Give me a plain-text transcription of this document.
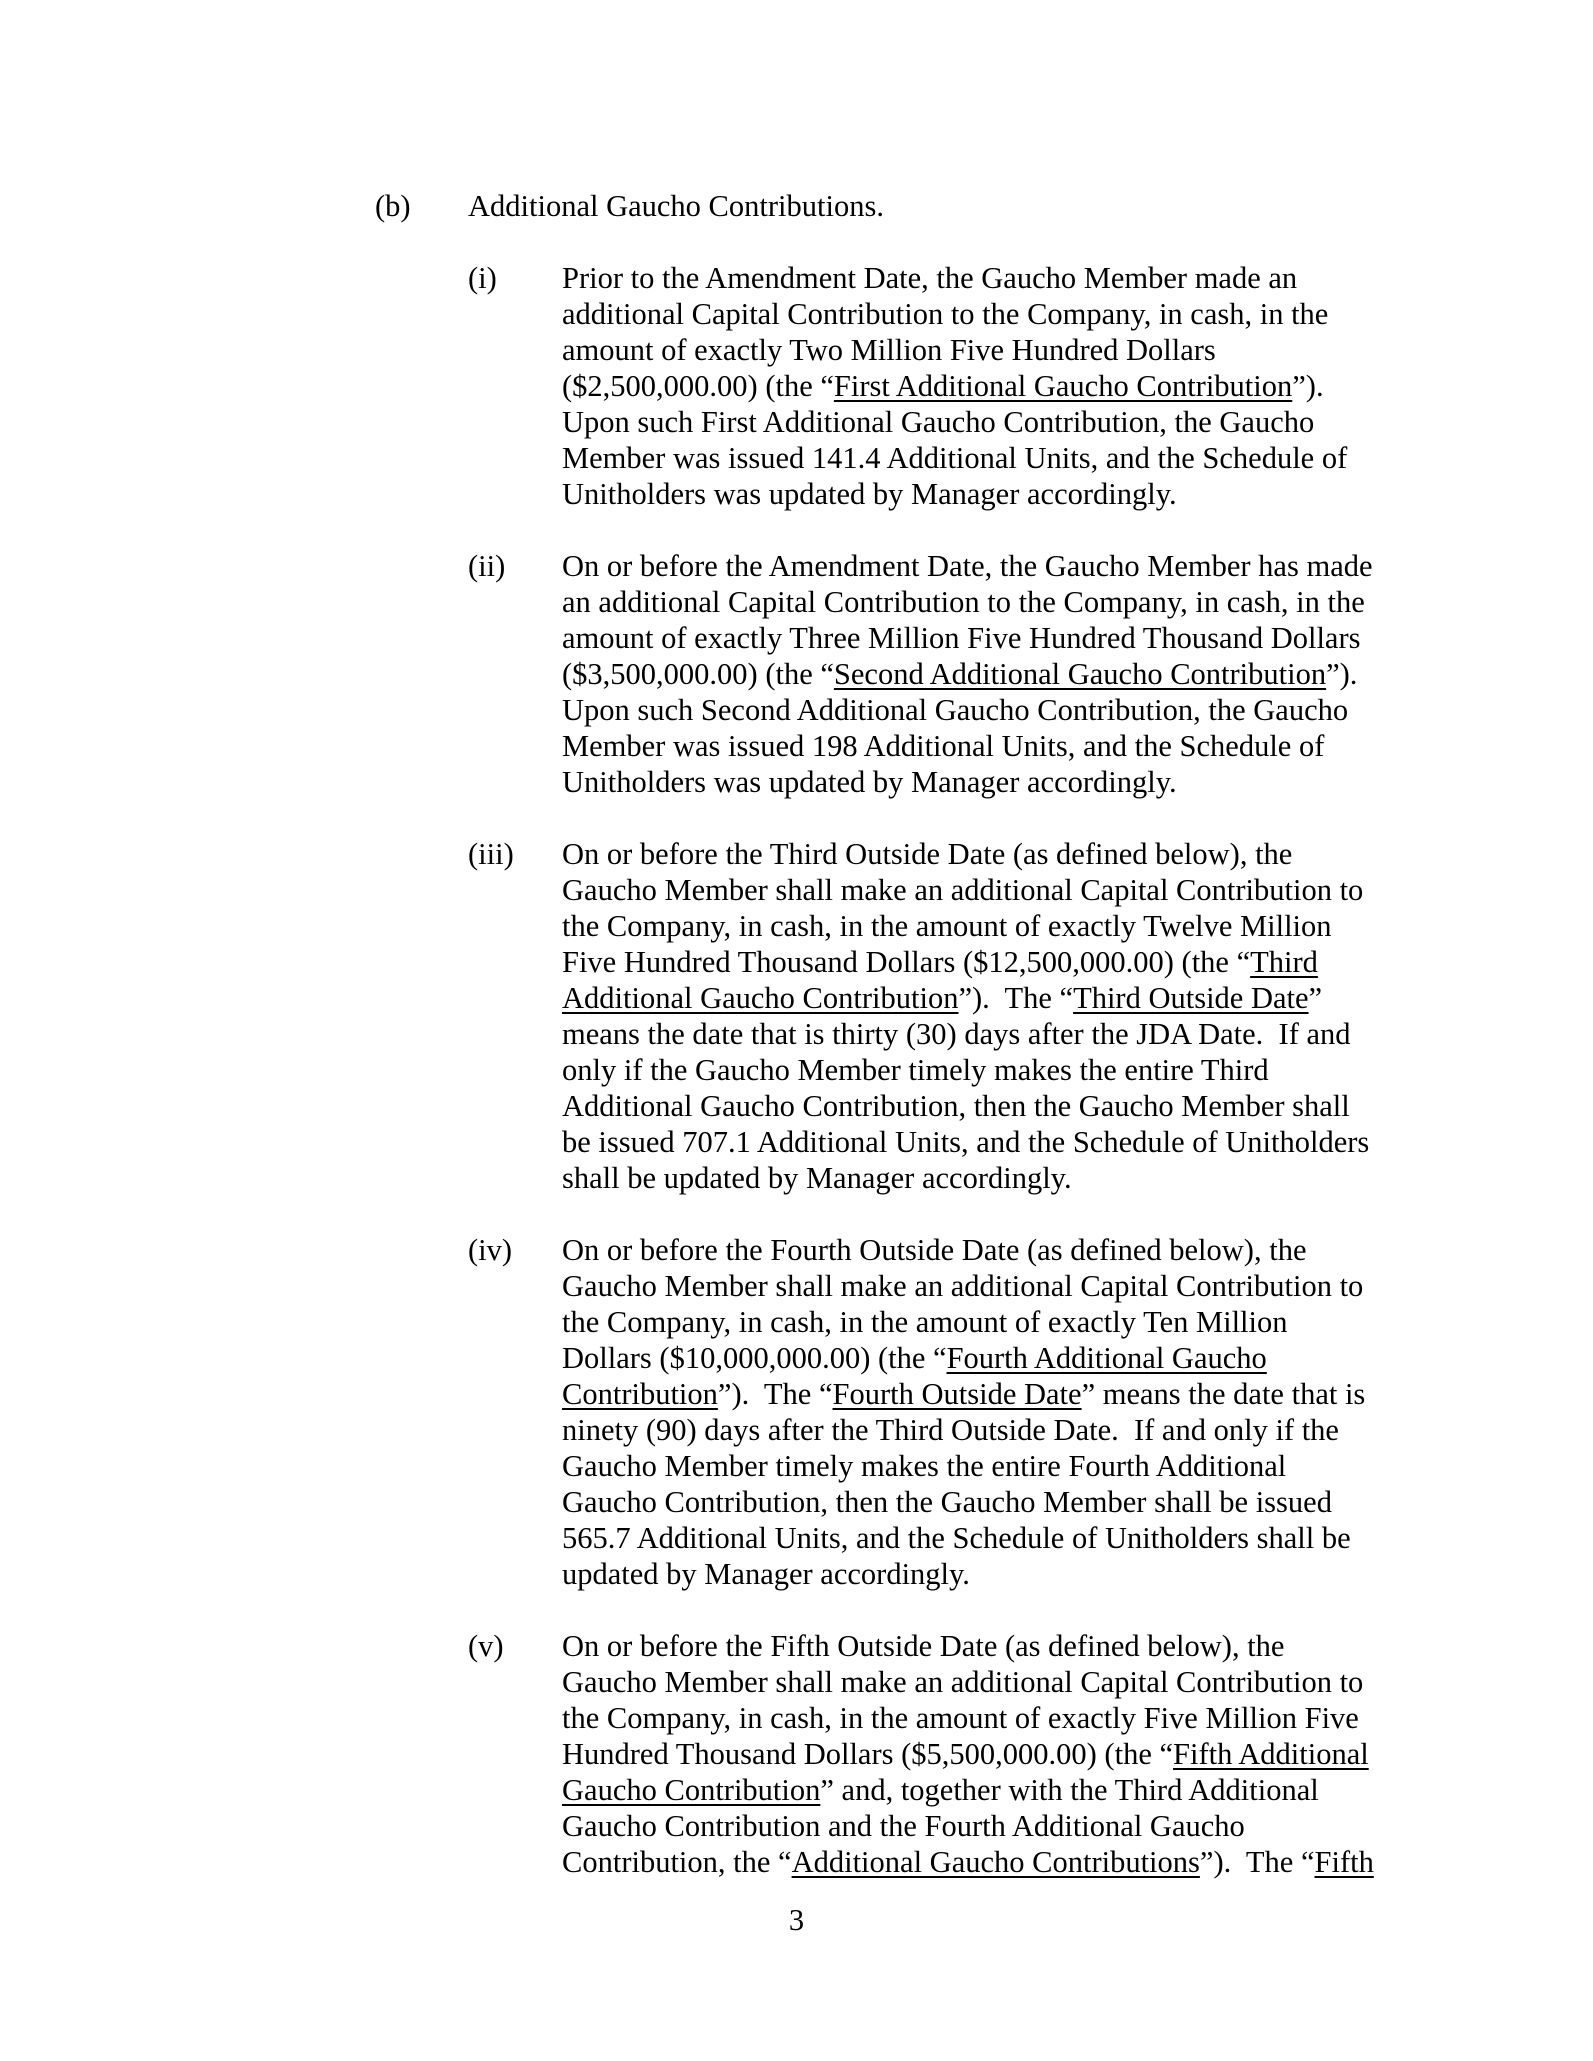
(b)	Additional Gaucho Contributions.
(i)	Prior to the Amendment Date, the Gaucho Member made an
additional Capital Contribution to the Company, in cash, in the
amount of exactly Two Million Five Hundred Dollars
($2,500,000.00) (the “First Additional Gaucho Contribution”).
Upon such First Additional Gaucho Contribution, the Gaucho
Member was issued 141.4 Additional Units, and the Schedule of
Unitholders was updated by Manager accordingly.
(ii)	On or before the Amendment Date, the Gaucho Member has made
an additional Capital Contribution to the Company, in cash, in the
amount of exactly Three Million Five Hundred Thousand Dollars
($3,500,000.00) (the “Second Additional Gaucho Contribution”).
Upon such Second Additional Gaucho Contribution, the Gaucho
Member was issued 198 Additional Units, and the Schedule of
Unitholders was updated by Manager accordingly.
(iii)	On or before the Third Outside Date (as defined below), the
Gaucho Member shall make an additional Capital Contribution to
the Company, in cash, in the amount of exactly Twelve Million
Five Hundred Thousand Dollars ($12,500,000.00) (the “Third
Additional Gaucho Contribution”).  The “Third Outside Date”
means the date that is thirty (30) days after the JDA Date.  If and
only if the Gaucho Member timely makes the entire Third
Additional Gaucho Contribution, then the Gaucho Member shall
be issued 707.1 Additional Units, and the Schedule of Unitholders
shall be updated by Manager accordingly.
(iv)	On or before the Fourth Outside Date (as defined below), the
Gaucho Member shall make an additional Capital Contribution to
the Company, in cash, in the amount of exactly Ten Million
Dollars ($10,000,000.00) (the “Fourth Additional Gaucho
Contribution”).  The “Fourth Outside Date” means the date that is
ninety (90) days after the Third Outside Date.  If and only if the
Gaucho Member timely makes the entire Fourth Additional
Gaucho Contribution, then the Gaucho Member shall be issued
565.7 Additional Units, and the Schedule of Unitholders shall be
updated by Manager accordingly.
(v)	On or before the Fifth Outside Date (as defined below), the
Gaucho Member shall make an additional Capital Contribution to
the Company, in cash, in the amount of exactly Five Million Five
Hundred Thousand Dollars ($5,500,000.00) (the “Fifth Additional
Gaucho Contribution” and, together with the Third Additional
Gaucho Contribution and the Fourth Additional Gaucho
Contribution, the “Additional Gaucho Contributions”).  The “Fifth
3
